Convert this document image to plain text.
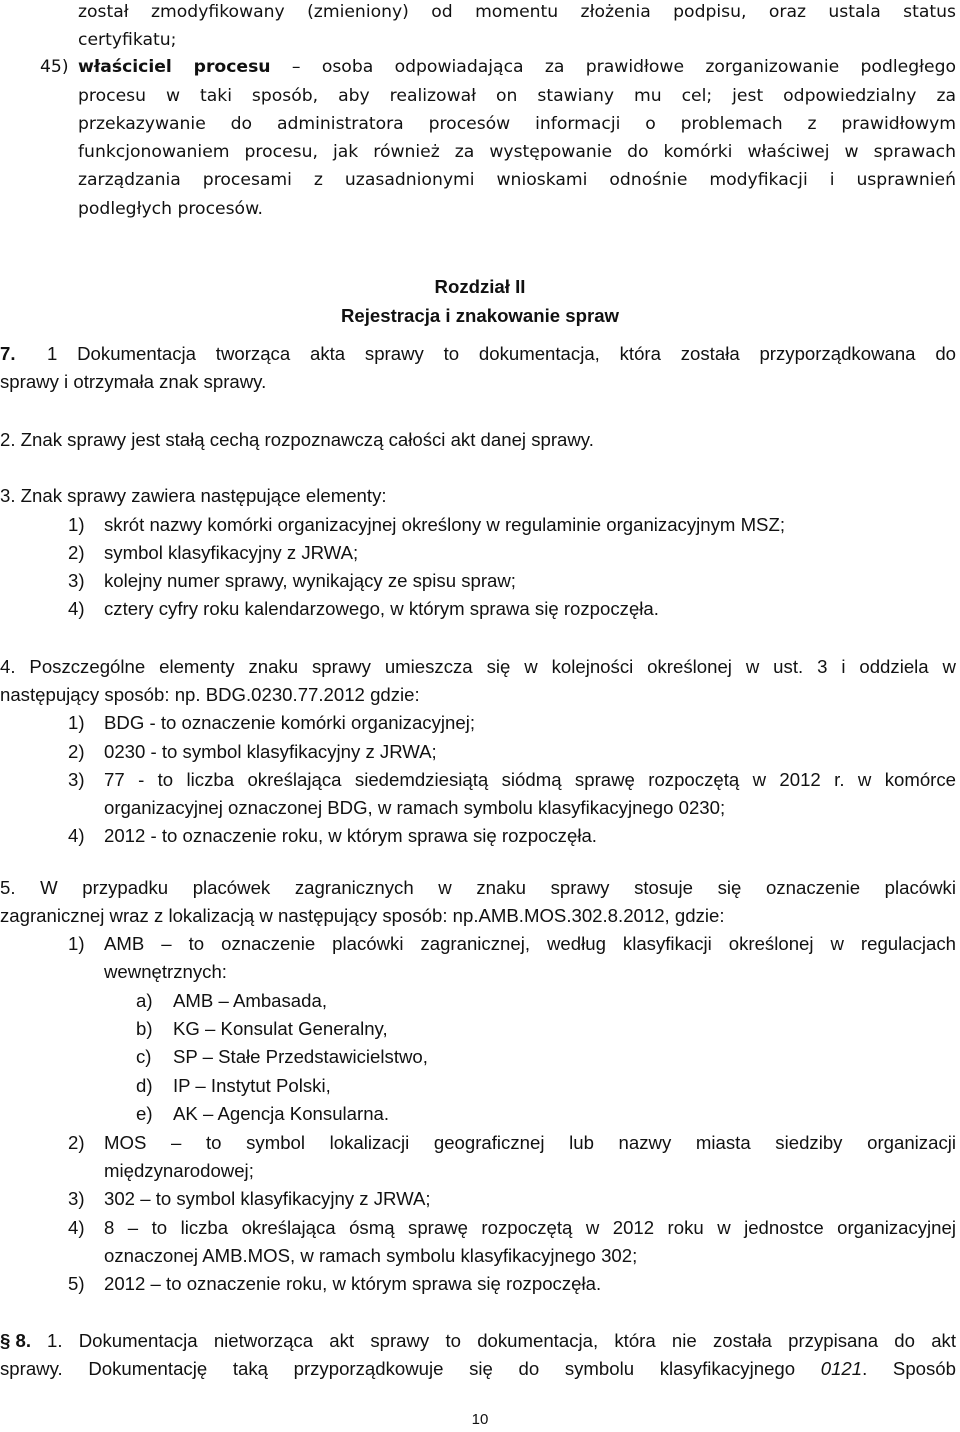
został zmodyfikowany (zmieniony) od momentu złożenia podpisu, oraz ustala status
certyfikatu;
45) właściciel procesu – osoba odpowiadająca za prawidłowe zorganizowanie podległego
procesu w taki sposób, aby realizował on stawiany mu cel; jest odpowiedzialny za
przekazywanie do administratora procesów informacji o problemach z prawidłowym
funkcjonowaniem procesu, jak również za występowanie do komórki właściwej w sprawach
zarządzania procesami z uzasadnionymi wnioskami odnośnie modyfikacji i usprawnień
podległych procesów.
Rozdział II
Rejestracja i znakowanie spraw
7. 1 Dokumentacja tworząca akta sprawy to dokumentacja, która została przyporządkowana do
sprawy i otrzymała znak sprawy.
2. Znak sprawy jest stałą cechą rozpoznawczą całości akt danej sprawy.
3. Znak sprawy zawiera następujące elementy:
1) skrót nazwy komórki organizacyjnej określony w regulaminie organizacyjnym MSZ;
2) symbol klasyfikacyjny z JRWA;
3) kolejny numer sprawy, wynikający ze spisu spraw;
4) cztery cyfry roku kalendarzowego, w którym sprawa się rozpoczęła.
4. Poszczególne elementy znaku sprawy umieszcza się w kolejności określonej w ust. 3 i oddziela w
następujący sposób: np. BDG.0230.77.2012 gdzie:
1) BDG - to oznaczenie komórki organizacyjnej;
2) 0230 - to symbol klasyfikacyjny z JRWA;
3) 77 - to liczba określająca siedemdziesiątą siódmą sprawę rozpoczętą w 2012 r. w komórce
organizacyjnej oznaczonej BDG, w ramach symbolu klasyfikacyjnego 0230;
4) 2012 - to oznaczenie roku, w którym sprawa się rozpoczęła.
5. W przypadku placówek zagranicznych w znaku sprawy stosuje się oznaczenie placówki
zagranicznej wraz z lokalizacją w następujący sposób: np.AMB.MOS.302.8.2012, gdzie:
1) AMB – to oznaczenie placówki zagranicznej, według klasyfikacji określonej w regulacjach
wewnętrznych:
a) AMB – Ambasada,
b) KG – Konsulat Generalny,
c) SP – Stałe Przedstawicielstwo,
d) IP – Instytut Polski,
e) AK – Agencja Konsularna.
2) MOS – to symbol lokalizacji geograficznej lub nazwy miasta siedziby organizacji
międzynarodowej;
3) 302 – to symbol klasyfikacyjny z JRWA;
4) 8 – to liczba określająca ósmą sprawę rozpoczętą w 2012 roku w jednostce organizacyjnej
oznaczonej AMB.MOS, w ramach symbolu klasyfikacyjnego 302;
5) 2012 – to oznaczenie roku, w którym sprawa się rozpoczęła.
§ 8. 1. Dokumentacja nietworząca akt sprawy to dokumentacja, która nie została przypisana do akt
sprawy. Dokumentację taką przyporządkowuje się do symbolu klasyfikacyjnego 0121. Sposób
10
